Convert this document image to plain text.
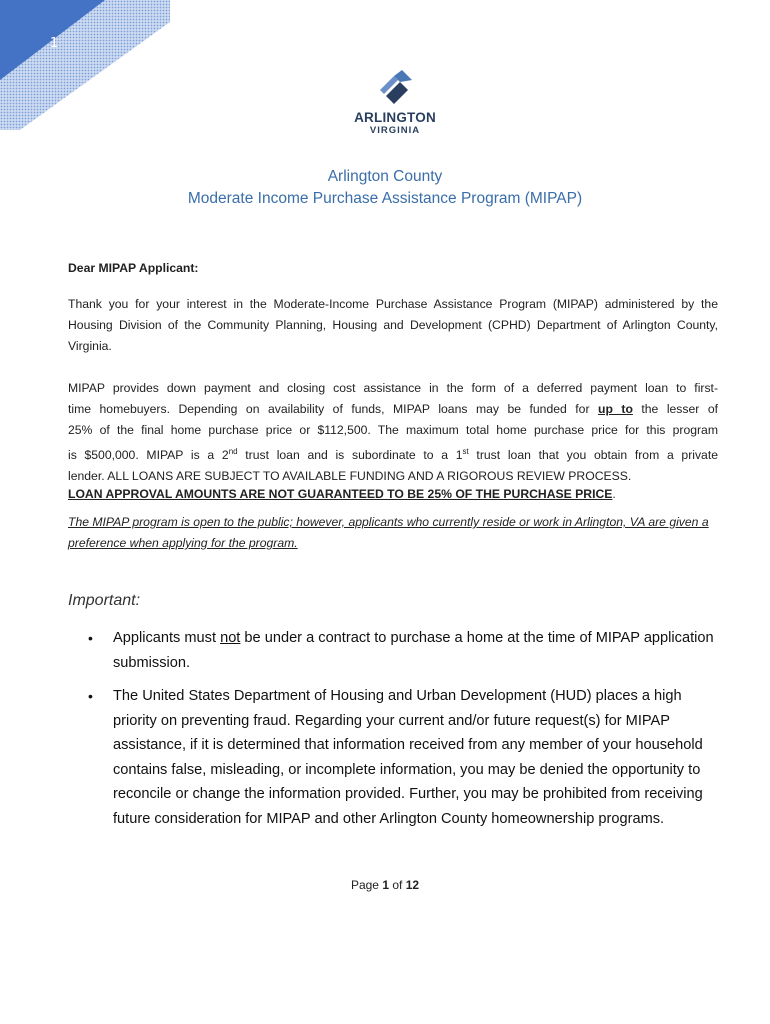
1
ARLINGTON
VIRGINIA
Arlington County
Moderate Income Purchase Assistance Program (MIPAP)
Dear MIPAP Applicant:
Thank you for your interest in the Moderate-Income Purchase Assistance Program (MIPAP) administered by the Housing Division of the Community Planning, Housing and Development (CPHD) Department of Arlington County, Virginia.
MIPAP provides down payment and closing cost assistance in the form of a deferred payment loan to first-
time homebuyers. Depending on availability of funds, MIPAP loans may be funded for up to the lesser of
25% of the final home purchase price or $112,500. The maximum total home purchase price for this program
is $500,000. MIPAP is a 2nd trust loan and is subordinate to a 1st trust loan that you obtain from a private
lender. ALL LOANS ARE SUBJECT TO AVAILABLE FUNDING AND A RIGOROUS REVIEW PROCESS.
LOAN APPROVAL AMOUNTS ARE NOT GUARANTEED TO BE 25% OF THE PURCHASE PRICE.
The MIPAP program is open to the public; however, applicants who currently reside or work in Arlington, VA are given a preference when applying for the program.
Important:
• Applicants must not be under a contract to purchase a home at the time of MIPAP application submission.
• The United States Department of Housing and Urban Development (HUD) places a high priority on preventing fraud. Regarding your current and/or future request(s) for MIPAP assistance, if it is determined that information received from any member of your household contains false, misleading, or incomplete information, you may be denied the opportunity to reconcile or change the information provided. Further, you may be prohibited from receiving future consideration for MIPAP and other Arlington County homeownership programs.
Page 1 of 12
